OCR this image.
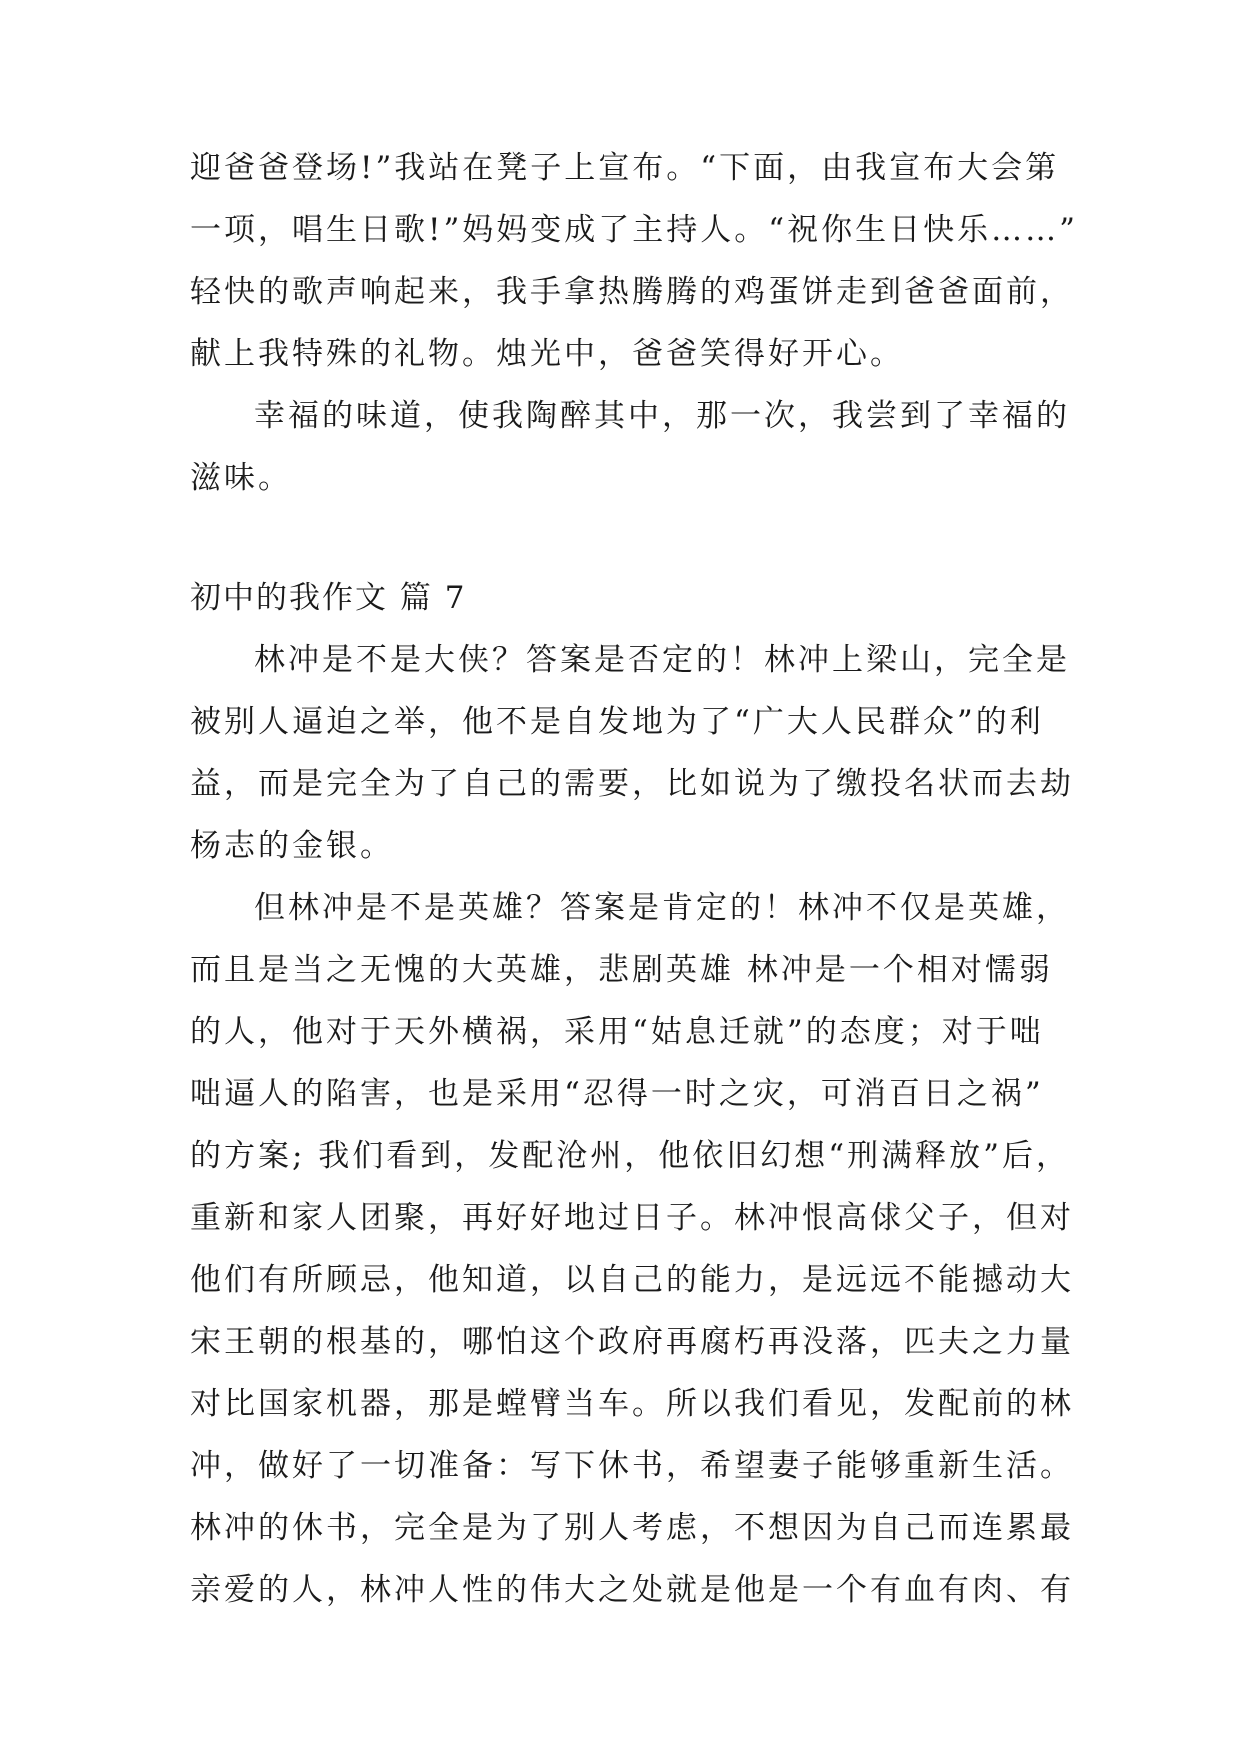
迎爸爸登场!”我站在凳子上宣布。“下面，由我宣布大会第
一项，唱生日歌!”妈妈变成了主持人。“祝你生日快乐……”
轻快的歌声响起来，我手拿热腾腾的鸡蛋饼走到爸爸面前，
献上我特殊的礼物。烛光中，爸爸笑得好开心。
幸福的味道，使我陶醉其中，那一次，我尝到了幸福的
滋味。
初中的我作文 篇 7
林冲是不是大侠？答案是否定的！林冲上梁山，完全是
被别人逼迫之举，他不是自发地为了“广大人民群众”的利
益，而是完全为了自己的需要，比如说为了缴投名状而去劫
杨志的金银。
但林冲是不是英雄？答案是肯定的！林冲不仅是英雄，
而且是当之无愧的大英雄，悲剧英雄 林冲是一个相对懦弱
的人，他对于天外横祸，采用“姑息迁就”的态度；对于咄
咄逼人的陷害，也是采用“忍得一时之灾，可消百日之祸”
的方案; 我们看到，发配沧州，他依旧幻想“刑满释放”后，
重新和家人团聚，再好好地过日子。林冲恨高俅父子，但对
他们有所顾忌，他知道，以自己的能力，是远远不能撼动大
宋王朝的根基的，哪怕这个政府再腐朽再没落，匹夫之力量
对比国家机器，那是螳臂当车。所以我们看见，发配前的林
冲，做好了一切准备：写下休书，希望妻子能够重新生活。
林冲的休书，完全是为了别人考虑，不想因为自己而连累最
亲爱的人，林冲人性的伟大之处就是他是一个有血有肉、有
